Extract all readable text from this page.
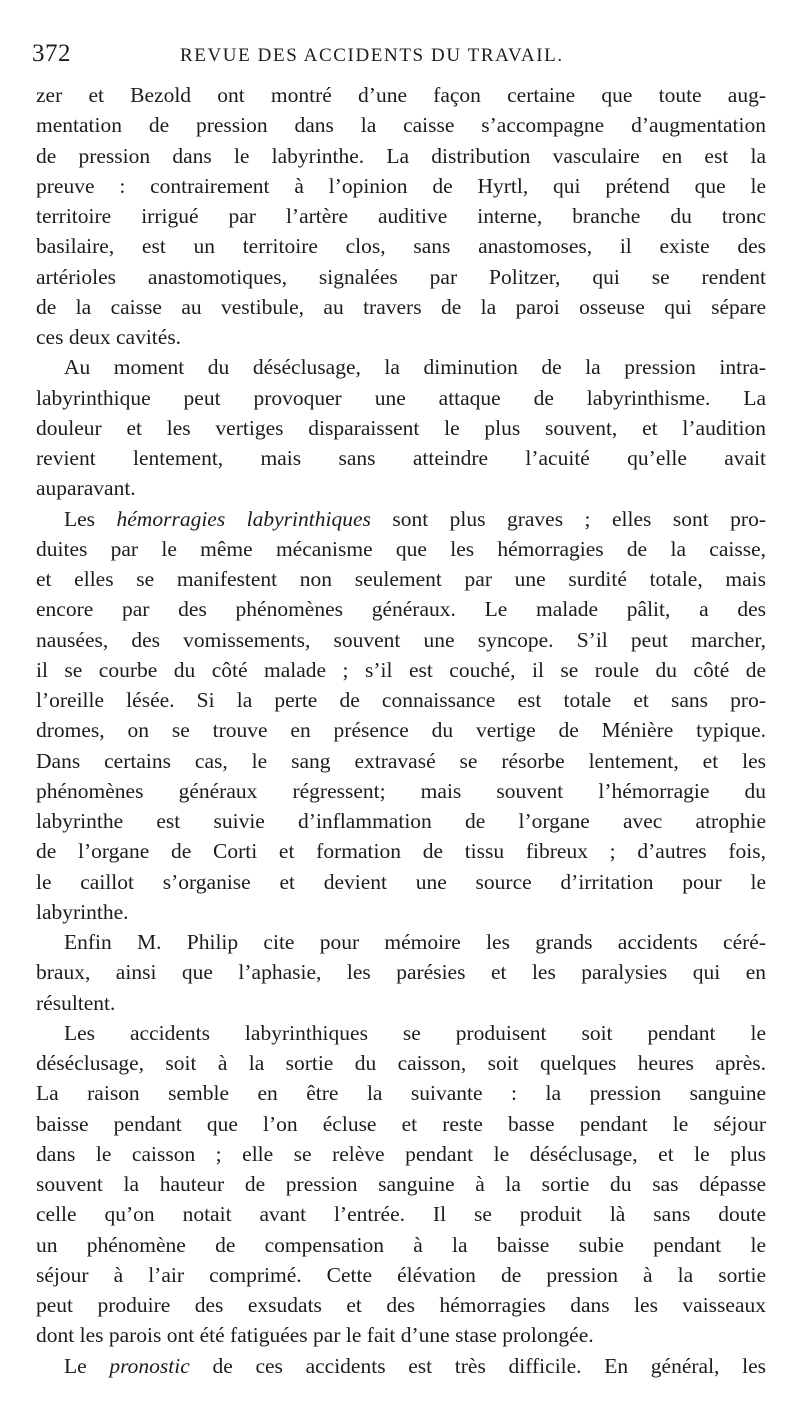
372	REVUE DES ACCIDENTS DU TRAVAIL.
zer et Bezold ont montré d’une façon certaine que toute aug-
mentation de pression dans la caisse s’accompagne d’augmentation
de pression dans le labyrinthe. La distribution vasculaire en est la
preuve : contrairement à l’opinion de Hyrtl, qui prétend que le
territoire irrigué par l’artère auditive interne, branche du tronc
basilaire, est un territoire clos, sans anastomoses, il existe des
artérioles anastomotiques, signalées par Politzer, qui se rendent
de la caisse au vestibule, au travers de la paroi osseuse qui sépare
ces deux cavités.
Au moment du déséclusage, la diminution de la pression intra-
labyrinthique peut provoquer une attaque de labyrinthisme. La
douleur et les vertiges disparaissent le plus souvent, et l’audition
revient lentement, mais sans atteindre l’acuité qu’elle avait
auparavant.
Les hémorragies labyrinthiques sont plus graves ; elles sont pro-
duites par le même mécanisme que les hémorragies de la caisse,
et elles se manifestent non seulement par une surdité totale, mais
encore par des phénomènes généraux. Le malade pâlit, a des
nausées, des vomissements, souvent une syncope. S’il peut marcher,
il se courbe du côté malade ; s’il est couché, il se roule du côté de
l’oreille lésée. Si la perte de connaissance est totale et sans pro-
dromes, on se trouve en présence du vertige de Ménière typique.
Dans certains cas, le sang extravasé se résorbe lentement, et les
phénomènes généraux régressent; mais souvent l’hémorragie du
labyrinthe est suivie d’inflammation de l’organe avec atrophie
de l’organe de Corti et formation de tissu fibreux ; d’autres fois,
le caillot s’organise et devient une source d’irritation pour le
labyrinthe.
Enfin M. Philip cite pour mémoire les grands accidents céré-
braux, ainsi que l’aphasie, les parésies et les paralysies qui en
résultent.
Les accidents labyrinthiques se produisent soit pendant le
déséclusage, soit à la sortie du caisson, soit quelques heures après.
La raison semble en être la suivante : la pression sanguine
baisse pendant que l’on écluse et reste basse pendant le séjour
dans le caisson ; elle se relève pendant le déséclusage, et le plus
souvent la hauteur de pression sanguine à la sortie du sas dépasse
celle qu’on notait avant l’entrée. Il se produit là sans doute
un phénomène de compensation à la baisse subie pendant le
séjour à l’air comprimé. Cette élévation de pression à la sortie
peut produire des exsudats et des hémorragies dans les vaisseaux
dont les parois ont été fatiguées par le fait d’une stase prolongée.
Le pronostic de ces accidents est très difficile. En général, les
